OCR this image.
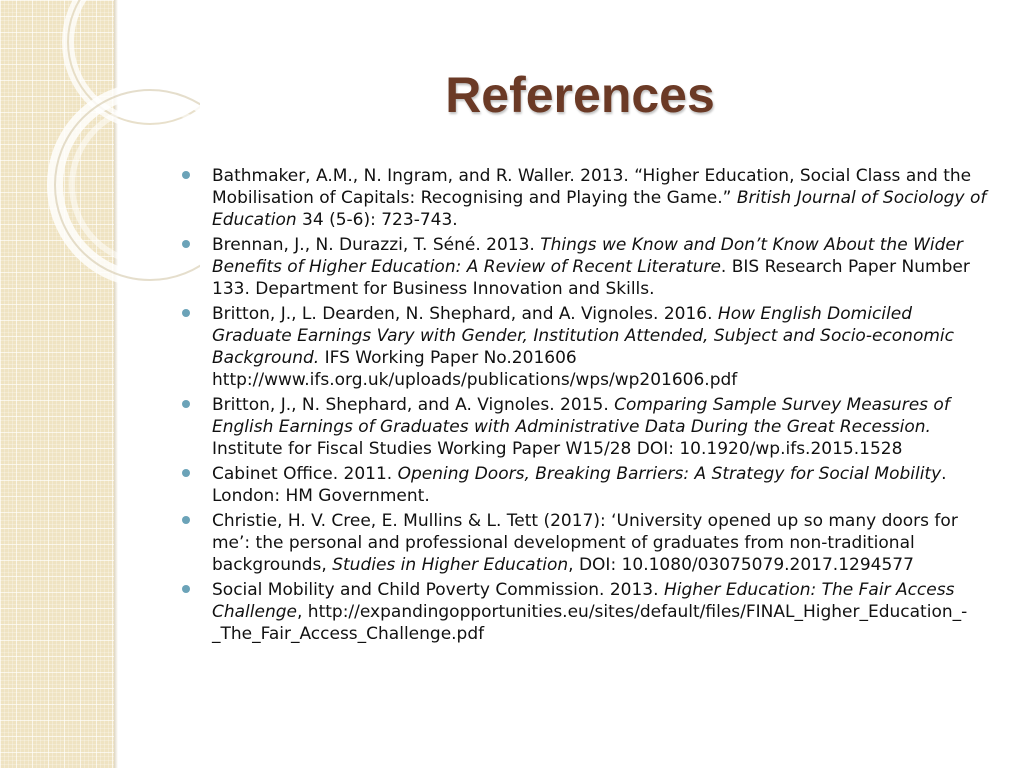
References
Bathmaker, A.M., N. Ingram, and R. Waller. 2013. “Higher Education, Social Class and the Mobilisation of Capitals: Recognising and Playing the Game.” British Journal of Sociology of Education 34 (5-6): 723-743.
Brennan, J., N. Durazzi, T. Séné. 2013. Things we Know and Don’t Know About the Wider Benefits of Higher Education: A Review of Recent Literature. BIS Research Paper Number 133. Department for Business Innovation and Skills.
Britton, J., L. Dearden, N. Shephard, and A. Vignoles. 2016. How English Domiciled Graduate Earnings Vary with Gender, Institution Attended, Subject and Socio-economic Background. IFS Working Paper No.201606 http://www.ifs.org.uk/uploads/publications/wps/wp201606.pdf
Britton, J., N. Shephard, and A. Vignoles. 2015. Comparing Sample Survey Measures of English Earnings of Graduates with Administrative Data During the Great Recession. Institute for Fiscal Studies Working Paper W15/28 DOI: 10.1920/wp.ifs.2015.1528
Cabinet Office. 2011. Opening Doors, Breaking Barriers: A Strategy for Social Mobility. London: HM Government.
Christie, H. V. Cree, E. Mullins & L. Tett (2017): ‘University opened up so many doors for me’: the personal and professional development of graduates from non-traditional backgrounds, Studies in Higher Education, DOI: 10.1080/03075079.2017.1294577
Social Mobility and Child Poverty Commission. 2013. Higher Education: The Fair Access Challenge, http://expandingopportunities.eu/sites/default/files/FINAL_Higher_Education_-_The_Fair_Access_Challenge.pdf
